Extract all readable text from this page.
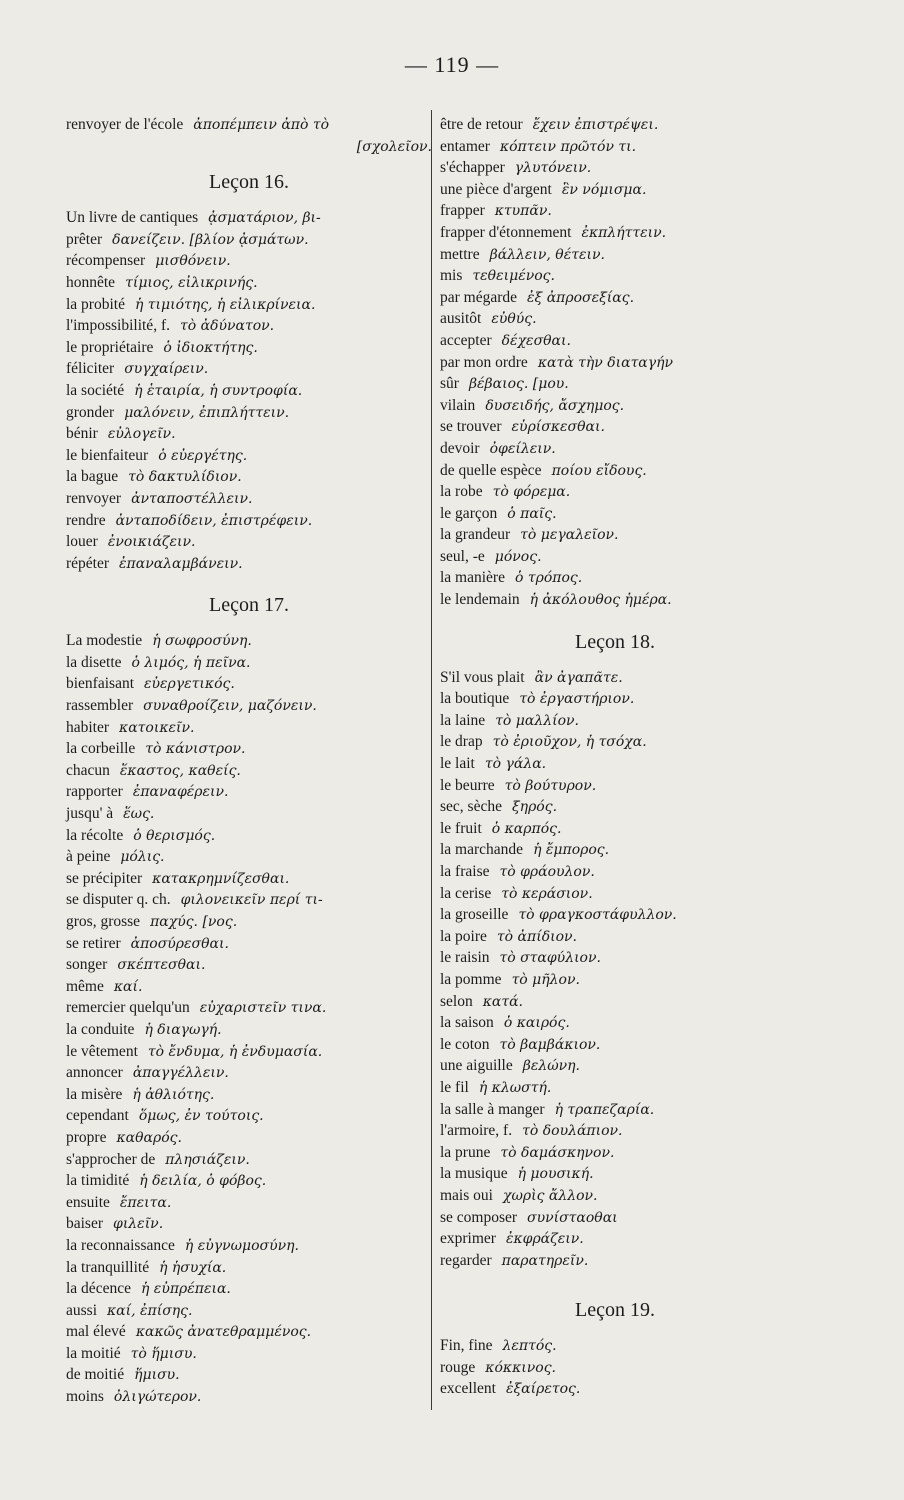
— 119 —
renvoyer de l'école ἀποπέμπειν ἀπὸ τὸ
[σχολεῖον.
Leçon 16.
Un livre de cantiques ᾀσματάριον, βι-
prêter δανείζειν. [βλίον ᾀσμάτων.
récompenser μισθόνειν.
honnête τίμιος, εἰλικρινής.
la probité ἡ τιμιότης, ἡ εἰλικρίνεια.
l'impossibilité, f. τὸ ἀδύνατον.
le propriétaire ὁ ἰδιοκτήτης.
féliciter συγχαίρειν.
la société ἡ ἑταιρία, ἡ συντροφία.
gronder μαλόνειν, ἐπιπλήττειν.
bénir εὐλογεῖν.
le bienfaiteur ὁ εὐεργέτης.
la bague τὸ δακτυλίδιον.
renvoyer ἀνταποστέλλειν.
rendre ἀνταποδίδειν, ἐπιστρέφειν.
louer ἐνοικιάζειν.
répéter ἐπαναλαμβάνειν.
Leçon 17.
La modestie ἡ σωφροσύνη.
la disette ὁ λιμός, ἡ πεῖνα.
bienfaisant εὐεργετικός.
rassembler συναθροίζειν, μαζόνειν.
habiter κατοικεῖν.
la corbeille τὸ κάνιστρον.
chacun ἕκαστος, καθείς.
rapporter ἐπαναφέρειν.
jusqu' à ἕως.
la récolte ὁ θερισμός.
à peine μόλις.
se précipiter κατακρημνίζεσθαι.
se disputer q. ch. φιλονεικεῖν περί τι-
gros, grosse παχύς. [νος.
se retirer ἀποσύρεσθαι.
songer σκέπτεσθαι.
même καί.
remercier quelqu'un εὐχαριστεῖν τινα.
la conduite ἡ διαγωγή.
le vêtement τὸ ἔνδυμα, ἡ ἐνδυμασία.
annoncer ἀπαγγέλλειν.
la misère ἡ ἀθλιότης.
cependant ὅμως, ἐν τούτοις.
propre καθαρός.
s'approcher de πλησιάζειν.
la timidité ἡ δειλία, ὁ φόβος.
ensuite ἔπειτα.
baiser φιλεῖν.
la reconnaissance ἡ εὐγνωμοσύνη.
la tranquillité ἡ ἡσυχία.
la décence ἡ εὐπρέπεια.
aussi καί, ἐπίσης.
mal élevé κακῶς ἀνατεθραμμένος.
la moitié τὸ ἥμισυ.
de moitié ἥμισυ.
moins ὀλιγώτερον.
être de retour ἔχειν ἐπιστρέψει.
entamer κόπτειν πρῶτόν τι.
s'échapper γλυτόνειν.
une pièce d'argent ἓν νόμισμα.
frapper κτυπᾶν.
frapper d'étonnement ἐκπλήττειν.
mettre βάλλειν, θέτειν.
mis τεθειμένος.
par mégarde ἐξ ἀπροσεξίας.
ausitôt εὐθύς.
accepter δέχεσθαι.
par mon ordre κατὰ τὴν διαταγήν
sûr βέβαιος. [μου.
vilain δυσειδής, ἄσχημος.
se trouver εὑρίσκεσθαι.
devoir ὀφείλειν.
de quelle espèce ποίου εἴδους.
la robe τὸ φόρεμα.
le garçon ὁ παῖς.
la grandeur τὸ μεγαλεῖον.
seul, -e μόνος.
la manière ὁ τρόπος.
le lendemain ἡ ἀκόλουθος ἡμέρα.
Leçon 18.
S'il vous plait ἂν ἀγαπᾶτε.
la boutique τὸ ἐργαστήριον.
la laine τὸ μαλλίον.
le drap τὸ ἐριοῦχον, ἡ τσόχα.
le lait τὸ γάλα.
le beurre τὸ βούτυρον.
sec, sèche ξηρός.
le fruit ὁ καρπός.
la marchande ἡ ἔμπορος.
la fraise τὸ φράουλον.
la cerise τὸ κεράσιον.
la groseille τὸ φραγκοστάφυλλον.
la poire τὸ ἀπίδιον.
le raisin τὸ σταφύλιον.
la pomme τὸ μῆλον.
selon κατά.
la saison ὁ καιρός.
le coton τὸ βαμβάκιον.
une aiguille βελώνη.
le fil ἡ κλωστή.
la salle à manger ἡ τραπεζαρία.
l'armoire, f. τὸ δουλάπιον.
la prune τὸ δαμάσκηνον.
la musique ἡ μουσική.
mais oui χωρὶς ἄλλον.
se composer συνίσταοθαι
exprimer ἐκφράζειν.
regarder παρατηρεῖν.
Leçon 19.
Fin, fine λεπτός.
rouge κόκκινος.
excellent ἐξαίρετος.
